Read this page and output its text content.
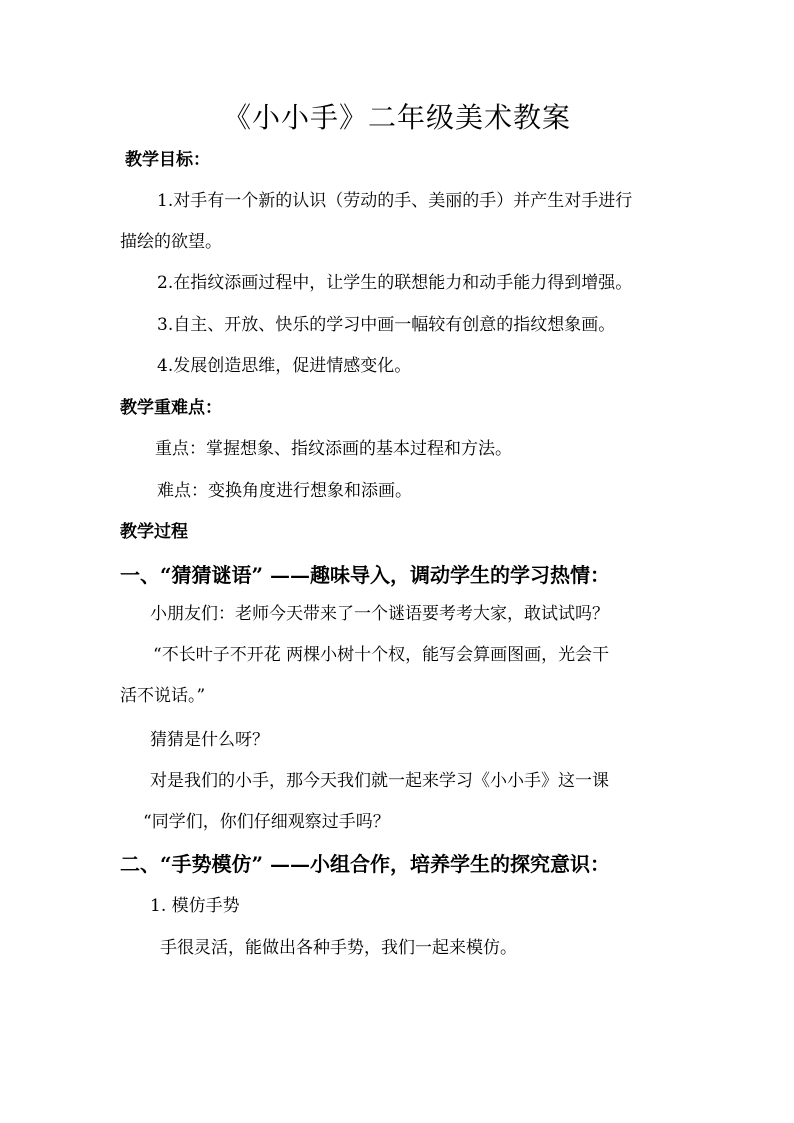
《小小手》二年级美术教案
教学目标：
1.对手有一个新的认识（劳动的手、美丽的手）并产生对手进行
描绘的欲望。
2.在指纹添画过程中，让学生的联想能力和动手能力得到增强。
3.自主、开放、快乐的学习中画一幅较有创意的指纹想象画。
4.发展创造思维，促进情感变化。
教学重难点：
重点：掌握想象、指纹添画的基本过程和方法。
难点：变换角度进行想象和添画。
教学过程
一、“猜猜谜语” ——趣味导入，调动学生的学习热情：
小朋友们：老师今天带来了一个谜语要考考大家，敢试试吗？
“不长叶子不开花 两棵小树十个杈，能写会算画图画，光会干
活不说话。”
猜猜是什么呀？
对是我们的小手，那今天我们就一起来学习《小小手》这一课
“同学们，你们仔细观察过手吗？
二、“手势模仿” ——小组合作，培养学生的探究意识：
1. 模仿手势
手很灵活，能做出各种手势，我们一起来模仿。
